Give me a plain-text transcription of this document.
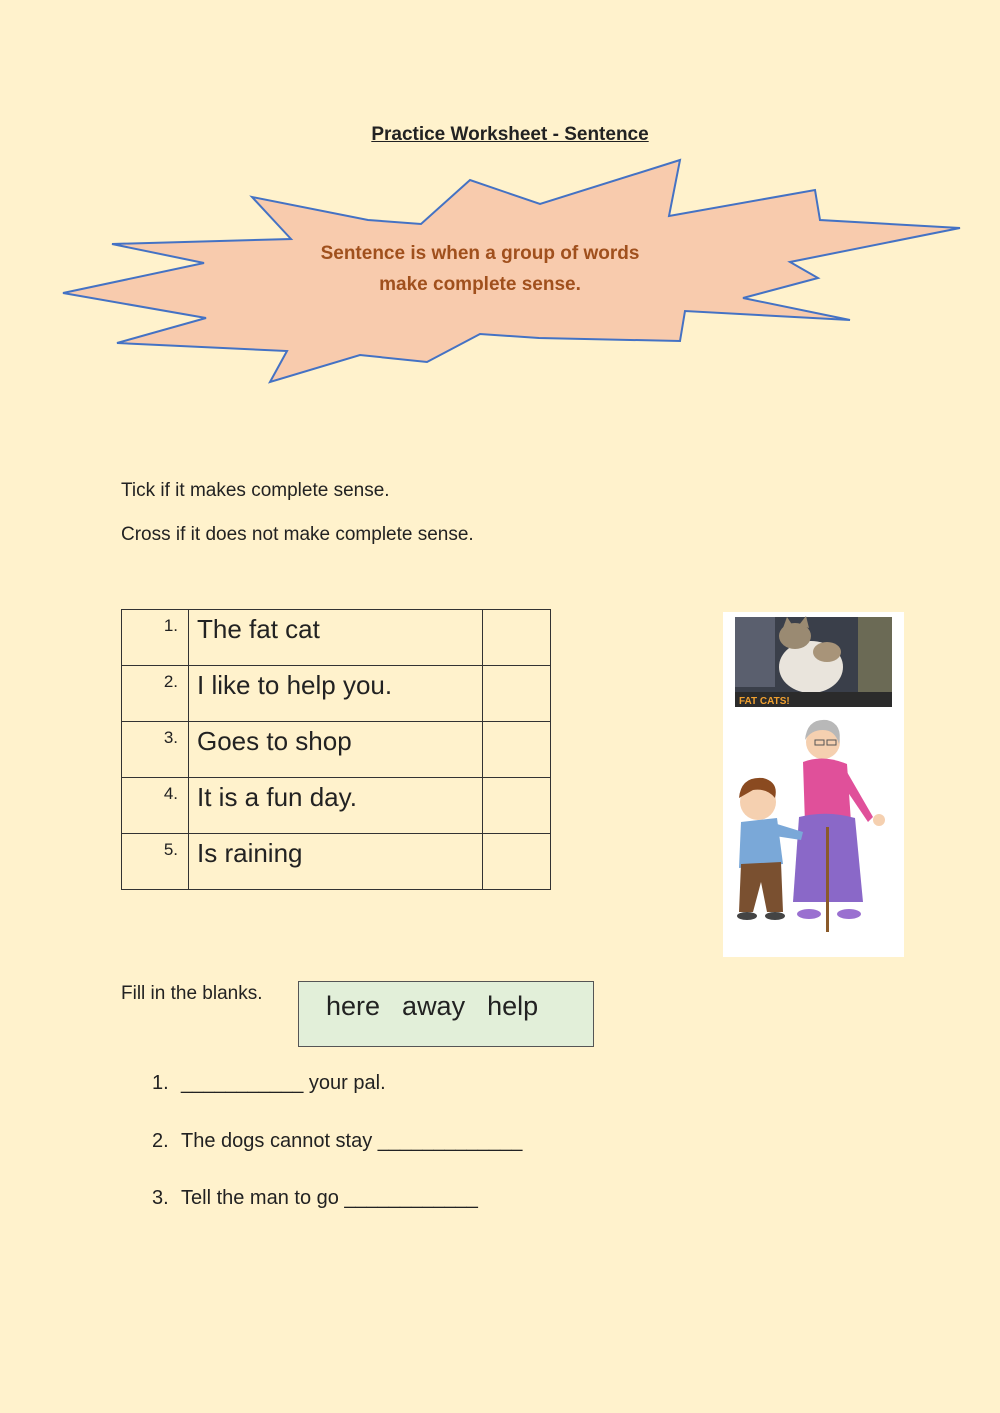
Practice Worksheet - Sentence
Sentence is when a group of words
make complete sense.
Tick if it makes complete sense.
Cross if it does not make complete sense.
1.	The fat cat	
2.	I like to help you.	
3.	Goes to shop	
4.	It is a fun day.	
5.	Is raining	
FAT CATS!
Fill in the blanks.	here away help
1. ___________ your pal.
2. The dogs cannot stay _____________
3. Tell the man to go ____________
